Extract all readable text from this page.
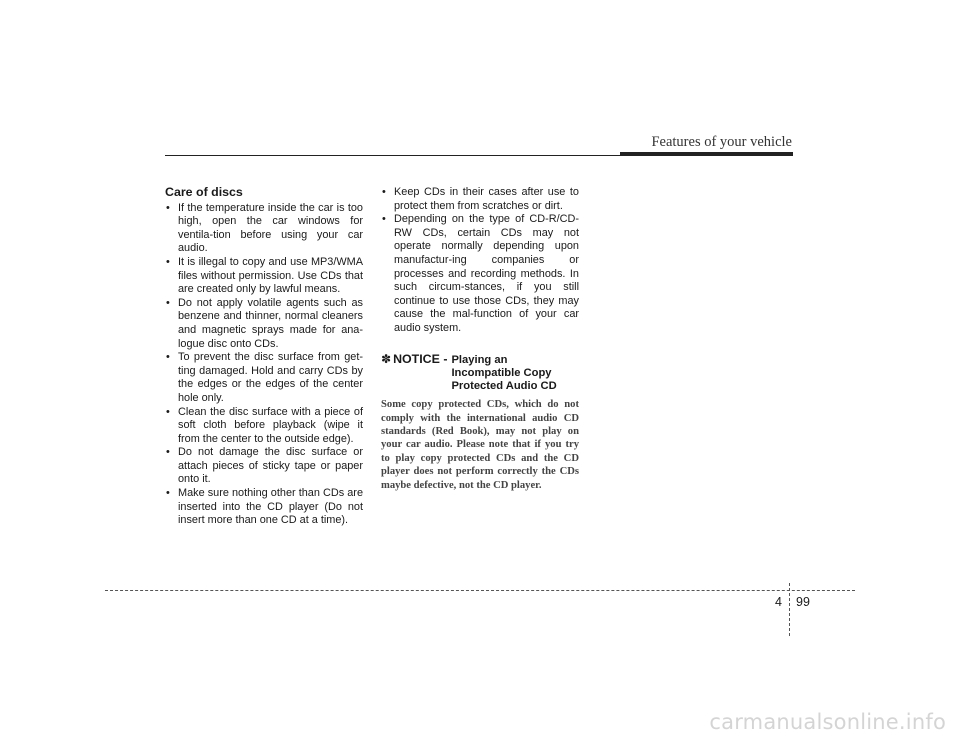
Features of your vehicle
Care of discs
• If the temperature inside the car is too high, open the car windows for ventila-tion before using your car audio.
• It is illegal to copy and use MP3/WMA files without permission. Use CDs that are created only by lawful means.
• Do not apply volatile agents such as benzene and thinner, normal cleaners and magnetic sprays made for ana-logue disc onto CDs.
• To prevent the disc surface from get-ting damaged. Hold and carry CDs by the edges or the edges of the center hole only.
• Clean the disc surface with a piece of soft cloth before playback (wipe it from the center to the outside edge).
• Do not damage the disc surface or attach pieces of sticky tape or paper onto it.
• Make sure nothing other than CDs are inserted into the CD player (Do not insert more than one CD at a time).
• Keep CDs in their cases after use to protect them from scratches or dirt.
• Depending on the type of CD-R/CD-RW CDs, certain CDs may not operate normally depending upon manufactur-ing companies or processes and recording methods. In such circum-stances, if you still continue to use those CDs, they may cause the mal-function of your car audio system.
✽ NOTICE - Playing an
Incompatible Copy
Protected Audio CD
Some copy protected CDs, which do not comply with the international audio CD standards (Red Book), may not play on your car audio. Please note that if you try to play copy protected CDs and the CD player does not perform correctly the CDs maybe defective, not the CD player.
4 99
carmanualsonline.info
